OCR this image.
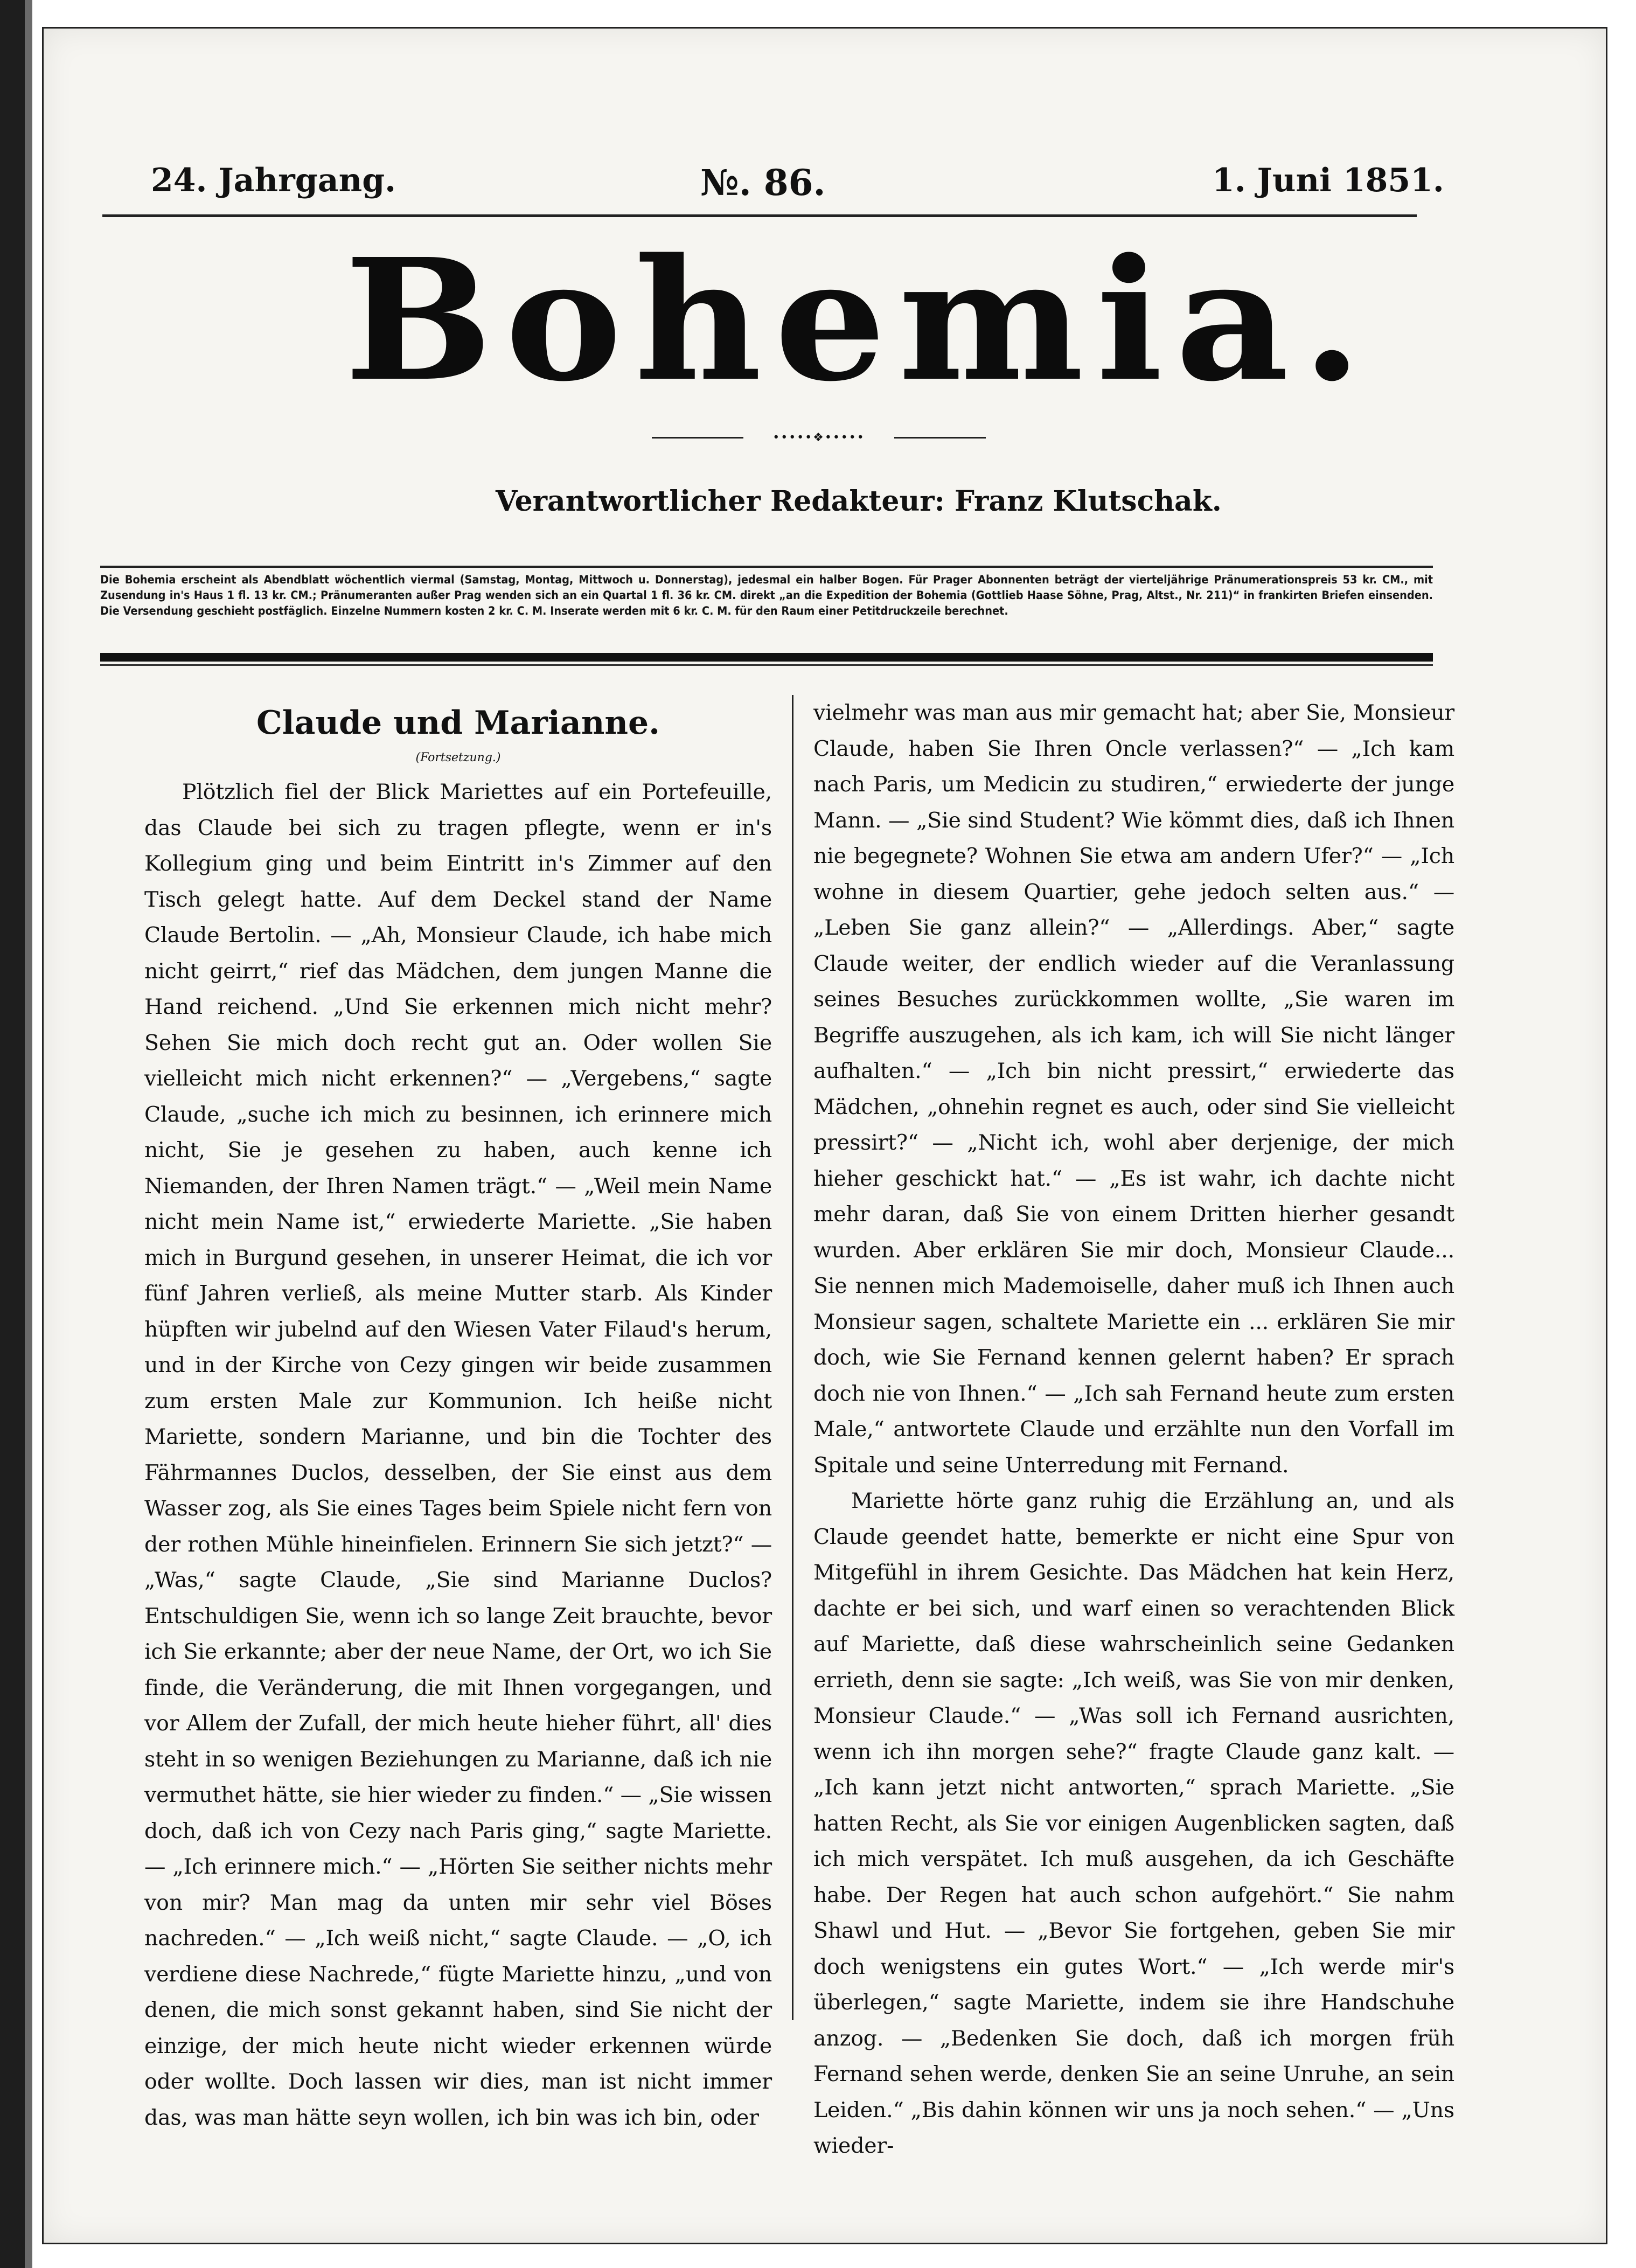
24. Jahrgang.	№. 86.	1. Juni 1851.
Bohemia.
•••••❖•••••
Verantwortlicher Redakteur: Franz Klutschak.
Die Bohemia erscheint als Abendblatt wöchentlich viermal (Samstag, Montag, Mittwoch u. Donnerstag), jedesmal ein halber Bogen. Für Prager Abonnenten beträgt der vierteljährige Pränumerationspreis 53 kr. CM., mit Zusendung in's Haus 1 fl. 13 kr. CM.; Pränumeranten außer Prag wenden sich an ein Quartal 1 fl. 36 kr. CM. direkt „an die Expedition der Bohemia (Gottlieb Haase Söhne, Prag, Altst., Nr. 211)“ in frankirten Briefen einsenden. Die Versendung geschieht postfäglich. Einzelne Nummern kosten 2 kr. C. M. Inserate werden mit 6 kr. C. M. für den Raum einer Petitdruckzeile berechnet.
Claude und Marianne.
(Fortsetzung.)

Plötzlich fiel der Blick Mariettes auf ein Portefeuille, das Claude bei sich zu tragen pflegte, wenn er in's Kollegium ging und beim Eintritt in's Zimmer auf den Tisch gelegt hatte. Auf dem Deckel stand der Name Claude Bertolin. — „Ah, Monsieur Claude, ich habe mich nicht geirrt,“ rief das Mädchen, dem jungen Manne die Hand reichend. „Und Sie erkennen mich nicht mehr? Sehen Sie mich doch recht gut an. Oder wollen Sie vielleicht mich nicht erkennen?“ — „Vergebens,“ sagte Claude, „suche ich mich zu besinnen, ich erinnere mich nicht, Sie je gesehen zu haben, auch kenne ich Niemanden, der Ihren Namen trägt.“ — „Weil mein Name nicht mein Name ist,“ erwiederte Mariette. „Sie haben mich in Burgund gesehen, in unserer Heimat, die ich vor fünf Jahren verließ, als meine Mutter starb. Als Kinder hüpften wir jubelnd auf den Wiesen Vater Filaud's herum, und in der Kirche von Cezy gingen wir beide zusammen zum ersten Male zur Kommunion. Ich heiße nicht Mariette, sondern Marianne, und bin die Tochter des Fährmannes Duclos, desselben, der Sie einst aus dem Wasser zog, als Sie eines Tages beim Spiele nicht fern von der rothen Mühle hineinfielen. Erinnern Sie sich jetzt?“ — „Was,“ sagte Claude, „Sie sind Marianne Duclos? Entschuldigen Sie, wenn ich so lange Zeit brauchte, bevor ich Sie erkannte; aber der neue Name, der Ort, wo ich Sie finde, die Veränderung, die mit Ihnen vorgegangen, und vor Allem der Zufall, der mich heute hieher führt, all' dies steht in so wenigen Beziehungen zu Marianne, daß ich nie vermuthet hätte, sie hier wieder zu finden.“ — „Sie wissen doch, daß ich von Cezy nach Paris ging,“ sagte Mariette. — „Ich erinnere mich.“ — „Hörten Sie seither nichts mehr von mir? Man mag da unten mir sehr viel Böses nachreden.“ — „Ich weiß nicht,“ sagte Claude. — „O, ich verdiene diese Nachrede,“ fügte Mariette hinzu, „und von denen, die mich sonst gekannt haben, sind Sie nicht der einzige, der mich heute nicht wieder erkennen würde oder wollte. Doch lassen wir dies, man ist nicht immer das, was man hätte seyn wollen, ich bin was ich bin, oder

vielmehr was man aus mir gemacht hat; aber Sie, Monsieur Claude, haben Sie Ihren Oncle verlassen?“ — „Ich kam nach Paris, um Medicin zu studiren,“ erwiederte der junge Mann. — „Sie sind Student? Wie kömmt dies, daß ich Ihnen nie begegnete? Wohnen Sie etwa am andern Ufer?“ — „Ich wohne in diesem Quartier, gehe jedoch selten aus.“ — „Leben Sie ganz allein?“ — „Allerdings. Aber,“ sagte Claude weiter, der endlich wieder auf die Veranlassung seines Besuches zurückkommen wollte, „Sie waren im Begriffe auszugehen, als ich kam, ich will Sie nicht länger aufhalten.“ — „Ich bin nicht pressirt,“ erwiederte das Mädchen, „ohnehin regnet es auch, oder sind Sie vielleicht pressirt?“ — „Nicht ich, wohl aber derjenige, der mich hieher geschickt hat.“ — „Es ist wahr, ich dachte nicht mehr daran, daß Sie von einem Dritten hierher gesandt wurden. Aber erklären Sie mir doch, Monsieur Claude... Sie nennen mich Mademoiselle, daher muß ich Ihnen auch Monsieur sagen, schaltete Mariette ein ... erklären Sie mir doch, wie Sie Fernand kennen gelernt haben? Er sprach doch nie von Ihnen.“ — „Ich sah Fernand heute zum ersten Male,“ antwortete Claude und erzählte nun den Vorfall im Spitale und seine Unterredung mit Fernand.

Mariette hörte ganz ruhig die Erzählung an, und als Claude geendet hatte, bemerkte er nicht eine Spur von Mitgefühl in ihrem Gesichte. Das Mädchen hat kein Herz, dachte er bei sich, und warf einen so verachtenden Blick auf Mariette, daß diese wahrscheinlich seine Gedanken errieth, denn sie sagte: „Ich weiß, was Sie von mir denken, Monsieur Claude.“ — „Was soll ich Fernand ausrichten, wenn ich ihn morgen sehe?“ fragte Claude ganz kalt. — „Ich kann jetzt nicht antworten,“ sprach Mariette. „Sie hatten Recht, als Sie vor einigen Augenblicken sagten, daß ich mich verspätet. Ich muß ausgehen, da ich Geschäfte habe. Der Regen hat auch schon aufgehört.“ Sie nahm Shawl und Hut. — „Bevor Sie fortgehen, geben Sie mir doch wenigstens ein gutes Wort.“ — „Ich werde mir's überlegen,“ sagte Mariette, indem sie ihre Handschuhe anzog. — „Bedenken Sie doch, daß ich morgen früh Fernand sehen werde, denken Sie an seine Unruhe, an sein Leiden.“ „Bis dahin können wir uns ja noch sehen.“ — „Uns wieder-
